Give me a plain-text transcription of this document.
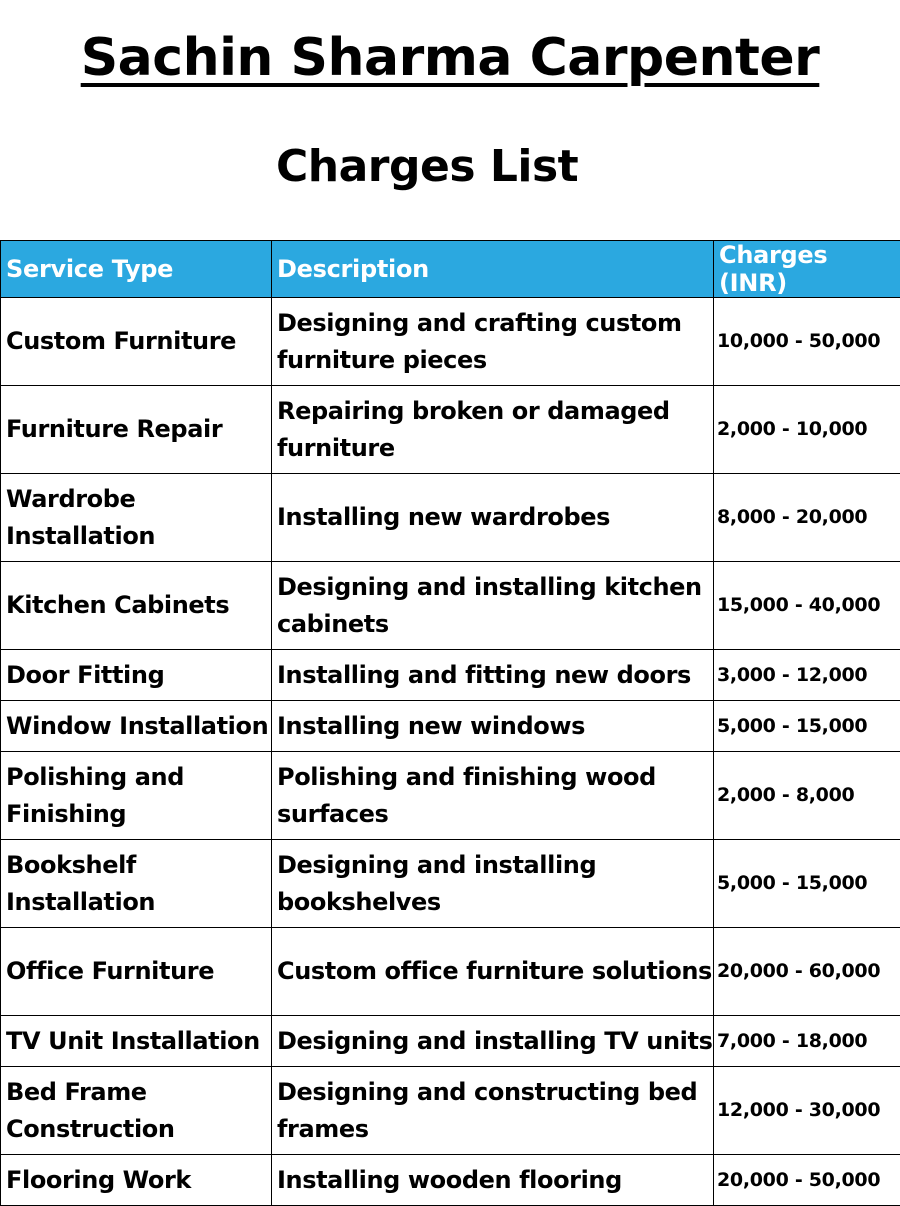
Sachin Sharma Carpenter
Charges List
Service Type	Description	Charges (INR)
Custom Furniture	Designing and crafting custom furniture pieces	10,000 - 50,000
Furniture Repair	Repairing broken or damaged furniture	2,000 - 10,000
Wardrobe Installation	Installing new wardrobes	8,000 - 20,000
Kitchen Cabinets	Designing and installing kitchen cabinets	15,000 - 40,000
Door Fitting	Installing and fitting new doors	3,000 - 12,000
Window Installation	Installing new windows	5,000 - 15,000
Polishing and Finishing	Polishing and finishing wood surfaces	2,000 - 8,000
Bookshelf Installation	Designing and installing bookshelves	5,000 - 15,000
Office Furniture	Custom office furniture solutions	20,000 - 60,000
TV Unit Installation	Designing and installing TV units	7,000 - 18,000
Bed Frame Construction	Designing and constructing bed frames	12,000 - 30,000
Flooring Work	Installing wooden flooring	20,000 - 50,000
